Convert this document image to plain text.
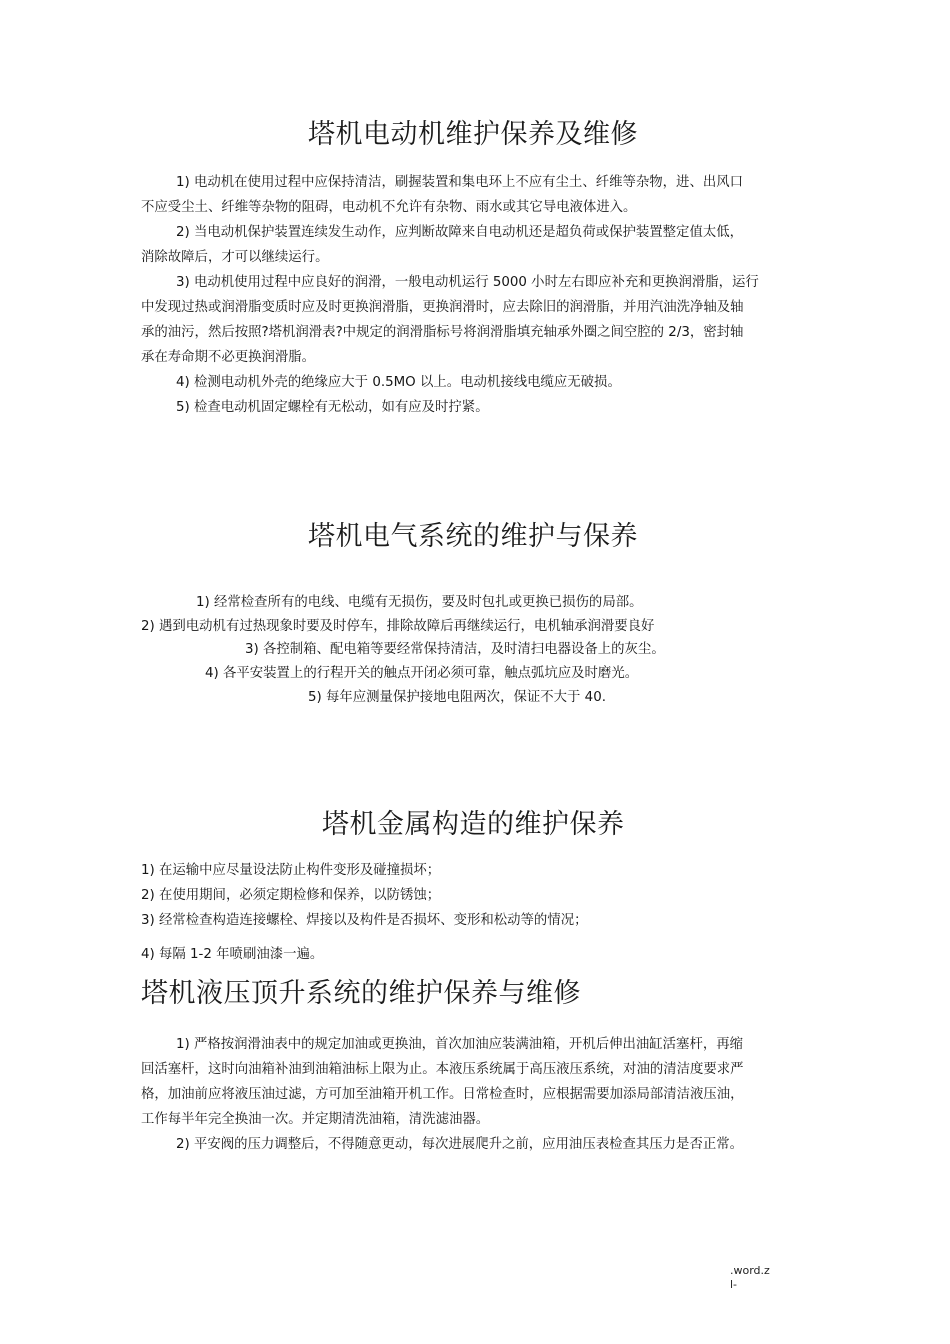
塔机电动机维护保养及维修
1) 电动机在使用过程中应保持清洁，刷握装置和集电环上不应有尘土、纤维等杂物，进、出风口
不应受尘土、纤维等杂物的阻碍，电动机不允许有杂物、雨水或其它导电液体进入。
2) 当电动机保护装置连续发生动作，应判断故障来自电动机还是超负荷或保护装置整定值太低，
消除故障后，才可以继续运行。
3) 电动机使用过程中应良好的润滑，一般电动机运行 5000 小时左右即应补充和更换润滑脂，运行
中发现过热或润滑脂变质时应及时更换润滑脂，更换润滑时，应去除旧的润滑脂，并用汽油洗净轴及轴
承的油污，然后按照?塔机润滑表?中规定的润滑脂标号将润滑脂填充轴承外圈之间空腔的 2/3，密封轴
承在寿命期不必更换润滑脂。
4) 检测电动机外壳的绝缘应大于 0.5MO 以上。电动机接线电缆应无破损。
5) 检查电动机固定螺栓有无松动，如有应及时拧紧。
塔机电气系统的维护与保养
1) 经常检查所有的电线、电缆有无损伤，要及时包扎或更换已损伤的局部。
2) 遇到电动机有过热现象时要及时停车，排除故障后再继续运行，电机轴承润滑要良好
3) 各控制箱、配电箱等要经常保持清洁，及时清扫电器设备上的灰尘。
4) 各平安装置上的行程开关的触点开闭必须可靠，触点弧坑应及时磨光。
5) 每年应测量保护接地电阻两次，保证不大于 40.
塔机金属构造的维护保养
1) 在运输中应尽量设法防止构件变形及碰撞损坏；
2) 在使用期间，必须定期检修和保养，以防锈蚀；
3) 经常检查构造连接螺栓、焊接以及构件是否损坏、变形和松动等的情况；
4) 每隔 1-2 年喷刷油漆一遍。
塔机液压顶升系统的维护保养与维修
1) 严格按润滑油表中的规定加油或更换油，首次加油应装满油箱，开机后伸出油缸活塞杆，再缩
回活塞杆，这时向油箱补油到油箱油标上限为止。本液压系统属于高压液压系统，对油的清洁度要求严
格，加油前应将液压油过滤，方可加至油箱开机工作。日常检查时，应根据需要加添局部清洁液压油，
工作每半年完全换油一次。并定期清洗油箱，清洗滤油器。
2) 平安阀的压力调整后，不得随意更动，每次进展爬升之前，应用油压表检查其压力是否正常。
.word.z
l-
